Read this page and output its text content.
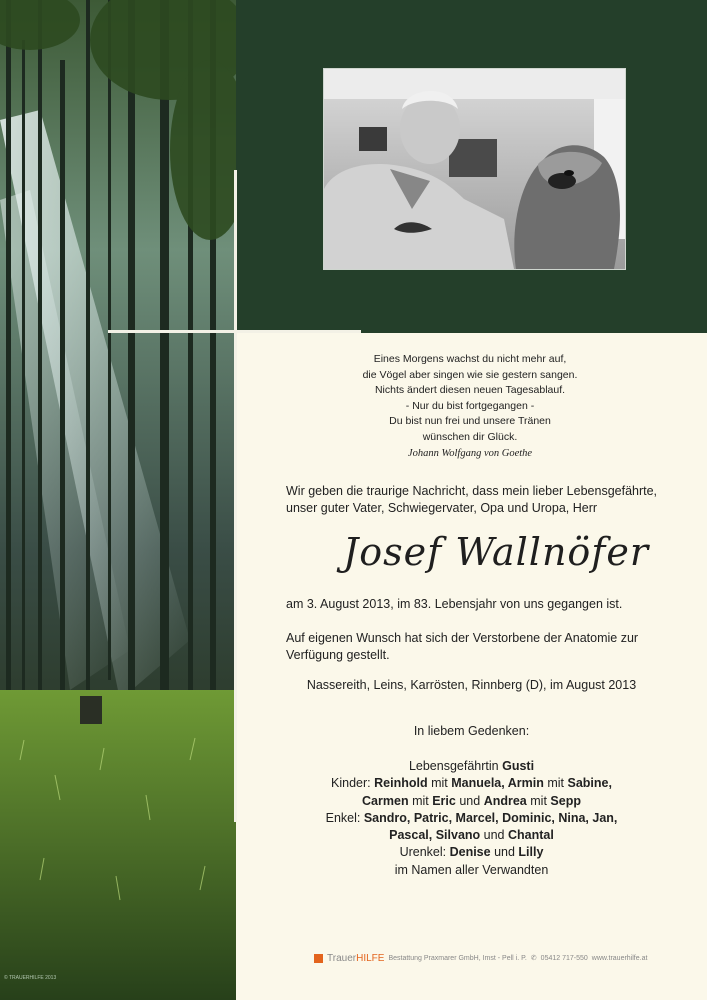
Eines Morgens wachst du nicht mehr auf,
die Vögel aber singen wie sie gestern sangen.
Nichts ändert diesen neuen Tagesablauf.
- Nur du bist fortgegangen -
Du bist nun frei und unsere Tränen
wünschen dir Glück.
Johann Wolfgang von Goethe
Wir geben die traurige Nachricht, dass mein lieber Lebensgefährte,
unser guter Vater, Schwiegervater, Opa und Uropa, Herr
Josef Wallnöfer
am 3. August 2013, im 83. Lebensjahr von uns gegangen ist.
Auf eigenen Wunsch hat sich der Verstorbene der Anatomie zur
Verfügung gestellt.
Nassereith, Leins, Karrösten, Rinnberg (D), im August 2013
In liebem Gedenken:
Lebensgefährtin Gusti
Kinder: Reinhold mit Manuela, Armin mit Sabine,
Carmen mit Eric und Andrea mit Sepp
Enkel: Sandro, Patric, Marcel, Dominic, Nina, Jan,
Pascal, Silvano und Chantal
Urenkel: Denise und Lilly
im Namen aller Verwandten
TrauerHILFE Bestattung Praxmarer GmbH, Imst - Pell i. P. ✆ 05412 717-550 www.trauerhilfe.at
© TRAUERHILFE 2013
